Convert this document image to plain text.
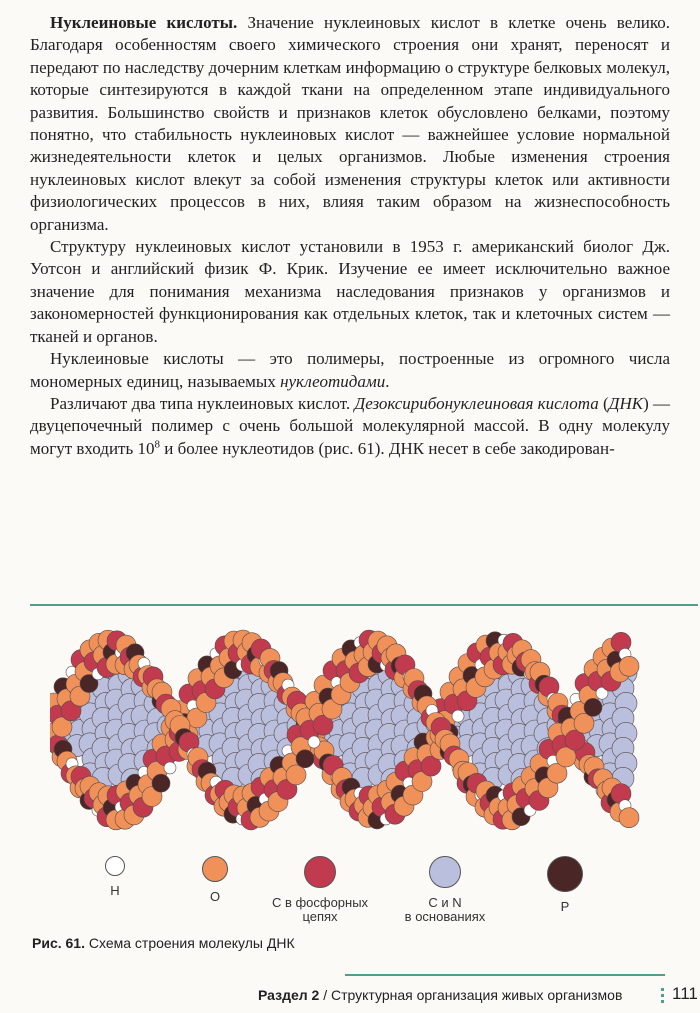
Нуклеиновые кислоты. Значение нуклеиновых кислот в клетке очень велико. Благодаря особенностям своего химического строения они хранят, переносят и передают по наследству дочерним клеткам информацию о структуре белковых молекул, которые синтезируются в каждой ткани на определенном этапе индивидуального развития. Большинство свойств и признаков клеток обусловлено белками, поэтому понятно, что стабильность нуклеиновых кислот — важнейшее условие нормальной жизнедеятельности клеток и целых организмов. Любые изменения строения нуклеиновых кислот влекут за собой изменения структуры клеток или активности физиологических процессов в них, влияя таким образом на жизнеспособность организма.

Структуру нуклеиновых кислот установили в 1953 г. американский биолог Дж. Уотсон и английский физик Ф. Крик. Изучение ее имеет исключительно важное значение для понимания механизма наследования признаков у организмов и закономерностей функционирования как отдельных клеток, так и клеточных систем — тканей и органов.

Нуклеиновые кислоты — это полимеры, построенные из огромного числа мономерных единиц, называемых нуклеотидами.

Различают два типа нуклеиновых кислот. Дезоксирибонуклеиновая кислота (ДНК) — двуцепочечный полимер с очень большой молекулярной массой. В одну молекулу могут входить $10^8$ и более нуклеотидов (рис. 61). ДНК несет в себе закодирован-

H	O	C в фосфорных
цепях
C и N
в основаниях
P
Рис. 61. Схема строения молекулы ДНК
Раздел 2 / Структурная организация живых организмов	111
